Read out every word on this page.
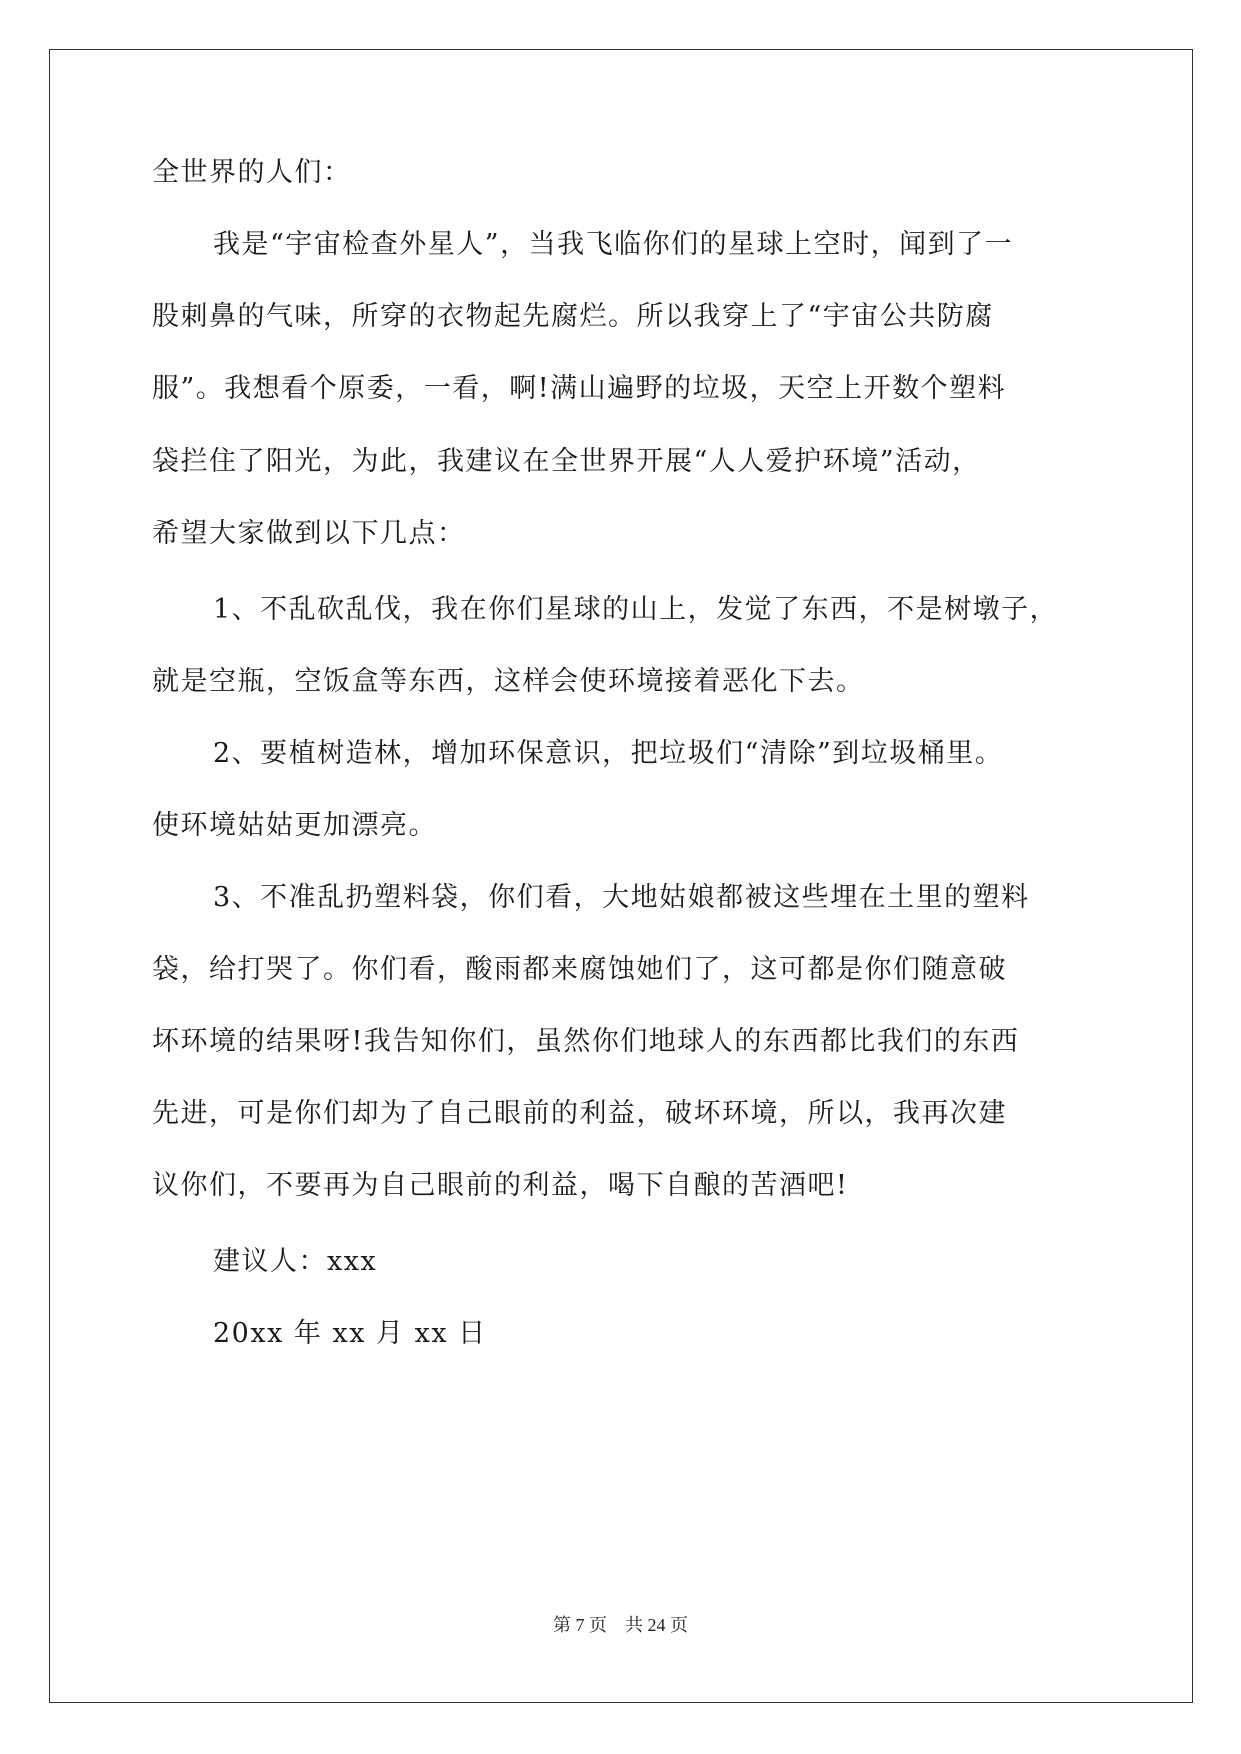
全世界的人们：
我是“宇宙检查外星人”，当我飞临你们的星球上空时，闻到了一
股刺鼻的气味，所穿的衣物起先腐烂。所以我穿上了“宇宙公共防腐
服”。我想看个原委，一看，啊!满山遍野的垃圾，天空上开数个塑料
袋拦住了阳光，为此，我建议在全世界开展“人人爱护环境”活动，
希望大家做到以下几点：
1、不乱砍乱伐，我在你们星球的山上，发觉了东西，不是树墩子，
就是空瓶，空饭盒等东西，这样会使环境接着恶化下去。
2、要植树造林，增加环保意识，把垃圾们“清除”到垃圾桶里。
使环境姑姑更加漂亮。
3、不准乱扔塑料袋，你们看，大地姑娘都被这些埋在土里的塑料
袋，给打哭了。你们看，酸雨都来腐蚀她们了，这可都是你们随意破
坏环境的结果呀!我告知你们，虽然你们地球人的东西都比我们的东西
先进，可是你们却为了自己眼前的利益，破坏环境，所以，我再次建
议你们，不要再为自己眼前的利益，喝下自酿的苦酒吧!
建议人：xxx
20xx 年 xx 月 xx 日
第 7 页    共 24 页
